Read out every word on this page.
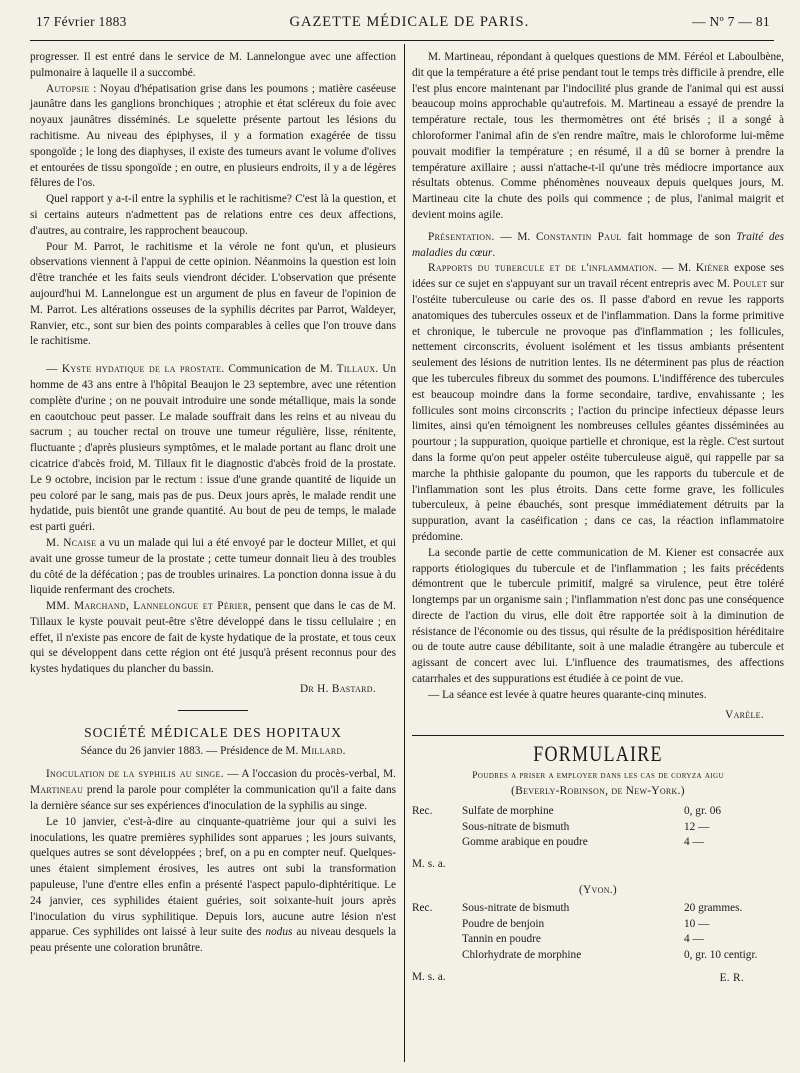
17 Février 1883	GAZETTE MÉDICALE DE PARIS.	— Nº 7 — 81

progresser. Il est entré dans le service de M. Lannelongue avec une affection pulmonaire à laquelle il a succombé.

Autopsie : Noyau d'hépatisation grise dans les poumons ; matière caséeuse jaunâtre dans les ganglions bronchiques ; atrophie et état scléreux du foie avec noyaux jaunâtres disséminés. Le squelette présente partout les lésions du rachitisme. Au niveau des épiphyses, il y a formation exagérée de tissu spongoïde ; le long des diaphyses, il existe des tumeurs avant le volume d'olives et entourées de tissu spongoïde ; en outre, en plusieurs endroits, il y a de légères fêlures de l'os.

Quel rapport y a-t-il entre la syphilis et le rachitisme? C'est là la question, et si certains auteurs n'admettent pas de relations entre ces deux affections, d'autres, au contraire, les rapprochent beaucoup.

Pour M. Parrot, le rachitisme et la vérole ne font qu'un, et plusieurs observations viennent à l'appui de cette opinion. Néanmoins la question est loin d'être tranchée et les faits seuls viendront décider. L'observation que présente aujourd'hui M. Lannelongue est un argument de plus en faveur de l'opinion de M. Parrot. Les altérations osseuses de la syphilis décrites par Parrot, Waldeyer, Ranvier, etc., sont sur bien des points comparables à celles que l'on trouve dans le rachitisme.

— Kyste hydatique de la prostate. Communication de M. Tillaux. Un homme de 43 ans entre à l'hôpital Beaujon le 23 septembre, avec une rétention complète d'urine ; on ne pouvait introduire une sonde métallique, mais la sonde en caoutchouc peut passer. Le malade souffrait dans les reins et au niveau du sacrum ; au toucher rectal on trouve une tumeur régulière, lisse, rénitente, fluctuante ; d'après plusieurs symptômes, et le malade portant au flanc droit une cicatrice d'abcès froid, M. Tillaux fit le diagnostic d'abcès froid de la prostate. Le 9 octobre, incision par le rectum : issue d'une grande quantité de liquide un peu coloré par le sang, mais pas de pus. Deux jours après, le malade rendit une hydatide, puis bientôt une grande quantité. Au bout de peu de temps, le malade est parti guéri.

M. Ncaise a vu un malade qui lui a été envoyé par le docteur Millet, et qui avait une grosse tumeur de la prostate ; cette tumeur donnait lieu à des troubles du côté de la défécation ; pas de troubles urinaires. La ponction donna issue à du liquide renfermant des crochets.

MM. Marchand, Lannelongue et Périer, pensent que dans le cas de M. Tillaux le kyste pouvait peut-être s'être développé dans le tissu cellulaire ; en effet, il n'existe pas encore de fait de kyste hydatique de la prostate, et tous ceux qui se développent dans cette région ont été jusqu'à présent reconnus pour des kystes hydatiques du plancher du bassin.

Dr H. Bastard.
SOCIÉTÉ MÉDICALE DES HOPITAUX
Séance du 26 janvier 1883. — Présidence de M. Millard.

Inoculation de la syphilis au singe. — A l'occasion du procès-verbal, M. Martineau prend la parole pour compléter la communication qu'il a faite dans la dernière séance sur ses expériences d'inoculation de la syphilis au singe.

Le 10 janvier, c'est-à-dire au cinquante-quatrième jour qui a suivi les inoculations, les quatre premières syphilides sont apparues ; les jours suivants, quelques autres se sont développées ; bref, on a pu en compter neuf. Quelques-unes étaient simplement érosives, les autres ont subi la transformation papuleuse, l'une d'entre elles enfin a présenté l'aspect papulo-diphtéritique. Le 24 janvier, ces syphilides étaient guéries, soit soixante-huit jours après l'inoculation du virus syphilitique. Depuis lors, aucune autre lésion n'est apparue. Ces syphilides ont laissé à leur suite des nodus au niveau desquels la peau présente une coloration brunâtre.

M. Martineau, répondant à quelques questions de MM. Féréol et Laboulbène, dit que la température a été prise pendant tout le temps très difficile à prendre, elle l'est plus encore maintenant par l'indocilité plus grande de l'animal qui est aussi beaucoup moins approchable qu'autrefois. M. Martineau a essayé de prendre la température rectale, tous les thermomètres ont été brisés ; il a songé à chloroformer l'animal afin de s'en rendre maître, mais le chloroforme lui-même pouvait modifier la température ; en résumé, il a dû se borner à prendre la température axillaire ; aussi n'attache-t-il qu'une très médiocre importance aux résultats obtenus. Comme phénomènes nouveaux depuis quelques jours, M. Martineau cite la chute des poils qui commence ; de plus, l'animal maigrit et devient moins agile.

Présentation. — M. Constantin Paul fait hommage de son Traité des maladies du cœur.

Rapports du tubercule et de l'inflammation. — M. Kiéner expose ses idées sur ce sujet en s'appuyant sur un travail récent entrepris avec M. Poulet sur l'ostéite tuberculeuse ou carie des os. Il passe d'abord en revue les rapports anatomiques des tubercules osseux et de l'inflammation. Dans la forme primitive et chronique, le tubercule ne provoque pas d'inflammation ; les follicules, nettement circonscrits, évoluent isolément et les tissus ambiants présentent seulement des lésions de nutrition lentes. Ils ne déterminent pas plus de réaction que les tubercules fibreux du sommet des poumons. L'indifférence des tubercules est beaucoup moindre dans la forme secondaire, tardive, envahissante ; les follicules sont moins circonscrits ; l'action du principe infectieux dépasse leurs limites, ainsi qu'en témoignent les nombreuses cellules géantes disséminées au pourtour ; la suppuration, quoique partielle et chronique, est la règle. C'est surtout dans la forme qu'on peut appeler ostéite tuberculeuse aiguë, qui rappelle par sa marche la phthisie galopante du poumon, que les rapports du tubercule et de l'inflammation sont les plus étroits. Dans cette forme grave, les follicules tuberculeux, à peine ébauchés, sont presque immédiatement détruits par la suppuration, avant la caséification ; dans ce cas, la réaction inflammatoire prédomine.

La seconde partie de cette communication de M. Kiener est consacrée aux rapports étiologiques du tubercule et de l'inflammation ; les faits précédents démontrent que le tubercule primitif, malgré sa virulence, peut être toléré longtemps par un organisme sain ; l'inflammation n'est donc pas une conséquence directe de l'action du virus, elle doit être rapportée soit à la diminution de résistance de l'économie ou des tissus, qui résulte de la prédisposition héréditaire ou de toute autre cause débilitante, soit à une maladie étrangère au tubercule et agissant de concert avec lui. L'influence des traumatismes, des affections catarrhales et des suppurations est étudiée à ce point de vue.

— La séance est levée à quatre heures quarante-cinq minutes.

Varèle.
FORMULAIRE
Poudres a priser a employer dans les cas de coryza aigu
(Beverly-Robinson, de New-York.)
Rec.	Sulfate de morphine	0, gr. 06
Sous-nitrate de bismuth	12 —
Gomme arabique en poudre	4 —
M. s. a.
(Yvon.)
Rec.	Sous-nitrate de bismuth	20 grammes.
Poudre de benjoin	10 —
Tannin en poudre	4 —
Chlorhydrate de morphine	0, gr. 10 centigr.
M. s. a.	E. R.
